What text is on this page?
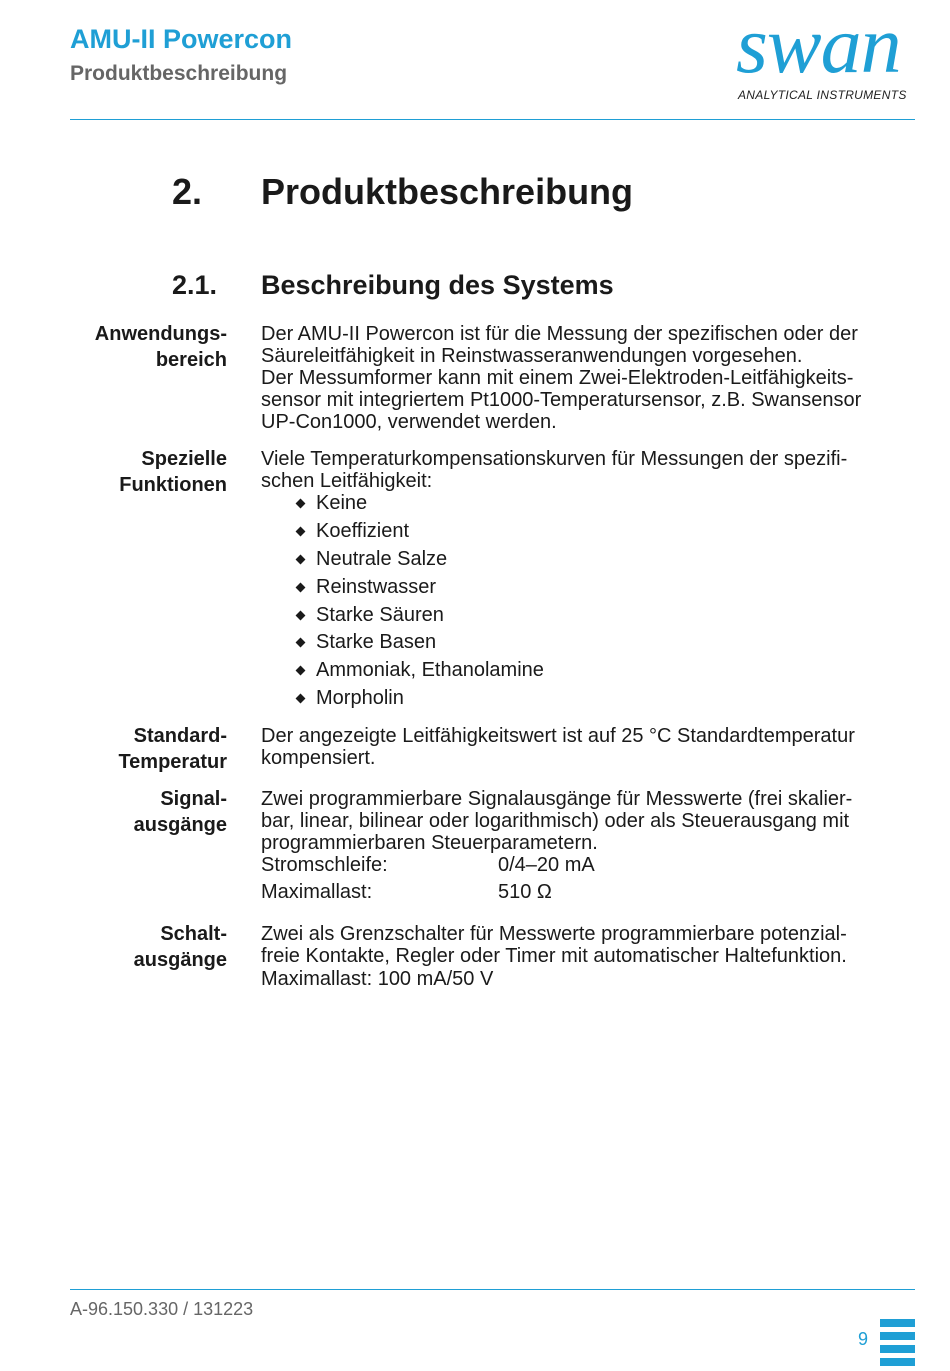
AMU-II Powercon
Produktbeschreibung	swan
ANALYTICAL INSTRUMENTS
2. Produktbeschreibung
2.1. Beschreibung des Systems
Anwendungs-
bereich
Der AMU-II Powercon ist für die Messung der spezifischen oder der
Säureleitfähigkeit in Reinstwasseranwendungen vorgesehen.
Der Messumformer kann mit einem Zwei-Elektroden-Leitfähigkeits-
sensor mit integriertem Pt1000-Temperatursensor, z.B. Swansensor
UP-Con1000, verwendet werden.
Spezielle
Funktionen
Viele Temperaturkompensationskurven für Messungen der spezifi-
schen Leitfähigkeit:
Keine
Koeffizient
Neutrale Salze
Reinstwasser
Starke Säuren
Starke Basen
Ammoniak, Ethanolamine
Morpholin
Standard-
Temperatur
Der angezeigte Leitfähigkeitswert ist auf 25 °C Standardtemperatur
kompensiert.
Signal-
ausgänge
Zwei programmierbare Signalausgänge für Messwerte (frei skalier-
bar, linear, bilinear oder logarithmisch) oder als Steuerausgang mit
programmierbaren Steuerparametern.
Stromschleife:	0/4–20 mA
Maximallast:	510 Ω
Schalt-
ausgänge
Zwei als Grenzschalter für Messwerte programmierbare potenzial-
freie Kontakte, Regler oder Timer mit automatischer Haltefunktion.
Maximallast: 100 mA/50 V
A-96.150.330 / 131223
9
